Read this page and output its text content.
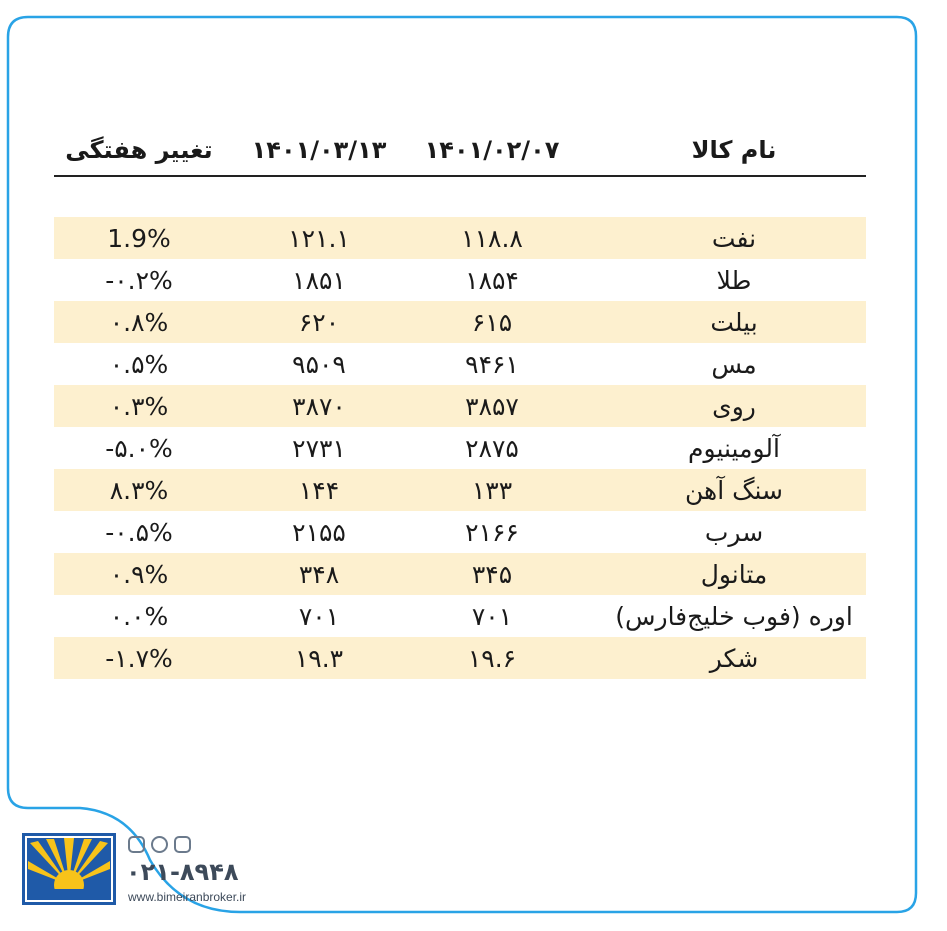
نام کالا
۱۴۰۱/۰۲/۰۷
۱۴۰۱/۰۳/۱۳
تغییر هفتگی
نفت
۱۱۸.۸
۱۲۱.۱
1.9%
طلا
۱۸۵۴
۱۸۵۱
-۰.۲%
بیلت
۶۱۵
۶۲۰
۰.۸%
مس
۹۴۶۱
۹۵۰۹
۰.۵%
روی
۳۸۵۷
۳۸۷۰
۰.۳%
آلومینیوم
۲۸۷۵
۲۷۳۱
-۵.۰%
سنگ آهن
۱۳۳
۱۴۴
۸.۳%
سرب
۲۱۶۶
۲۱۵۵
-۰.۵%
متانول
۳۴۵
۳۴۸
۰.۹%
اوره (فوب خلیج‌فارس)
۷۰۱
۷۰۱
۰.۰%
شکر
۱۹.۶
۱۹.۳
-۱.۷%
۰۲۱-۸۹۴۸
www.bimeiranbroker.ir
